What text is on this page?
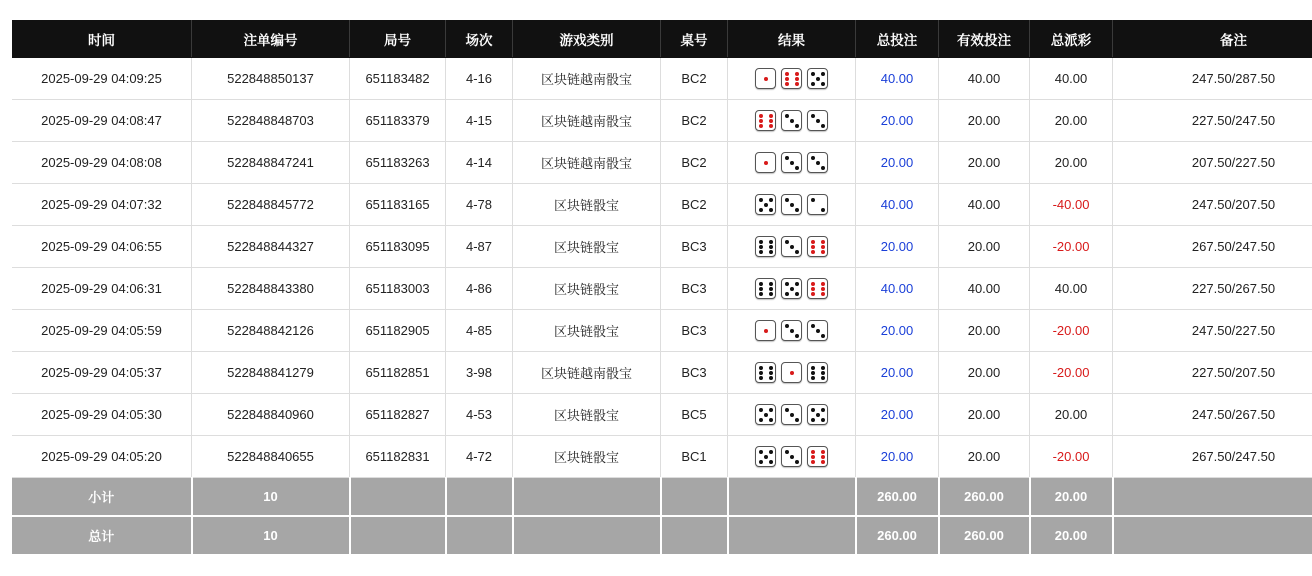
时间	注单编号	局号	场次	游戏类别	桌号	结果	总投注	有效投注	总派彩	备注
2025-09-29 04:09:25	522848850137	651183482	4-16	区块链越南骰宝	BC2		40.00	40.00	40.00	247.50/287.50
2025-09-29 04:08:47	522848848703	651183379	4-15	区块链越南骰宝	BC2		20.00	20.00	20.00	227.50/247.50
2025-09-29 04:08:08	522848847241	651183263	4-14	区块链越南骰宝	BC2		20.00	20.00	20.00	207.50/227.50
2025-09-29 04:07:32	522848845772	651183165	4-78	区块链骰宝	BC2		40.00	40.00	-40.00	247.50/207.50
2025-09-29 04:06:55	522848844327	651183095	4-87	区块链骰宝	BC3		20.00	20.00	-20.00	267.50/247.50
2025-09-29 04:06:31	522848843380	651183003	4-86	区块链骰宝	BC3		40.00	40.00	40.00	227.50/267.50
2025-09-29 04:05:59	522848842126	651182905	4-85	区块链骰宝	BC3		20.00	20.00	-20.00	247.50/227.50
2025-09-29 04:05:37	522848841279	651182851	3-98	区块链越南骰宝	BC3		20.00	20.00	-20.00	227.50/207.50
2025-09-29 04:05:30	522848840960	651182827	4-53	区块链骰宝	BC5		20.00	20.00	20.00	247.50/267.50
2025-09-29 04:05:20	522848840655	651182831	4-72	区块链骰宝	BC1		20.00	20.00	-20.00	267.50/247.50
小计	10						260.00	260.00	20.00	
总计	10						260.00	260.00	20.00	
